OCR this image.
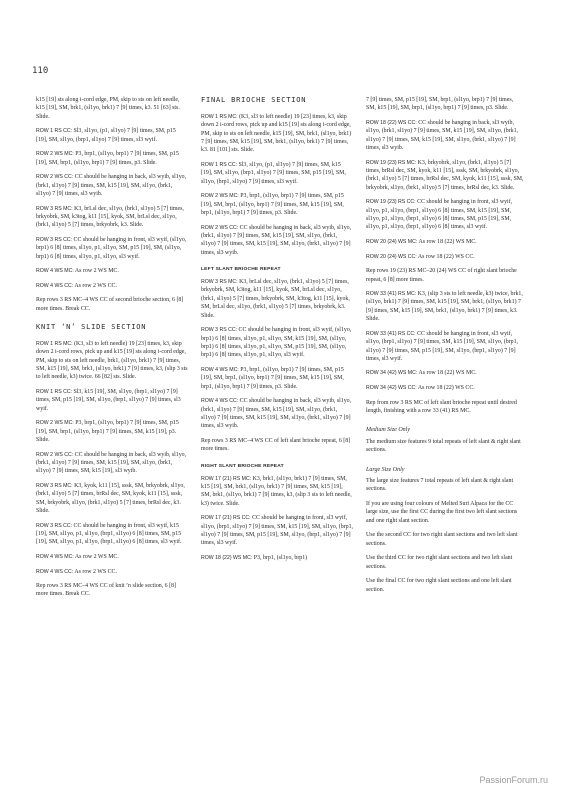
110

k15 [19] sts along i-cord edge, PM, skip to sts on left needle, k15 [19], SM, brk1, (sl1yo, brk1) 7 [9] times, k3. 51 [63] sts. Slide.

ROW 1 RS CC: Sl3, sl1yo, (p1, sl1yo) 7 [9] times, SM, p15 [19], SM, sl1yo, (brp1, sl1yo) 7 [9] times, sl3 wyif.

ROW 2 WS MC: P3, brp1, (sl1yo, brp1) 7 [9] times, SM, p15 [19], SM, brp1, (sl1yo, brp1) 7 [9] times, p3. Slide.

ROW 2 WS CC: CC should be hanging in back, sl3 wyib, sl1yo, (brk1, sl1yo) 7 [9] times, SM, k15 [19], SM, sl1yo, (brk1, sl1yo) 7 [9] times, sl3 wyib.

ROW 3 RS MC: K3, brLsl dec, sl1yo, (brk1, sl1yo) 5 [7] times, brkyobrk, SM, k3tog, k11 [15], kyok, SM, brLsl dec, sl1yo, (brk1, sl1yo) 5 [7] times, brkyobrk, k3. Slide.

ROW 3 RS CC: CC should be hanging in front, sl3 wyif, (sl1yo, brp1) 6 [8] times, sl1yo, p1, sl1yo, SM, p15 [19], SM, (sl1yo, brp1) 6 [8] times, sl1yo, p1, sl1yo, sl3 wyif.

ROW 4 WS MC: As row 2 WS MC.

ROW 4 WS CC: As row 2 WS CC.

Rep rows 3 RS MC–4 WS CC of second brioche section, 6 [8] more times. Break CC.

KNIT ‘N’ SLIDE SECTION

ROW 1 RS MC: (K3, sl3 to left needle) 19 [23] times, k3, skip down 2 i-cord rows, pick up and k15 [19] sts along i-cord edge, PM, skip to sts on left needle, brk1, (sl1yo, brk1) 7 [9] times, SM, k15 [19], SM, brk1, (sl1yo, brk1) 7 [9] times, k3, (slip 3 sts to left needle, k3) twice. 66 [82] sts. Slide.

ROW 1 RS CC: Sl3, k15 [19], SM, sl1yo, (brp1, sl1yo) 7 [9] times, SM, p15 [19], SM, sl1yo, (brp1, sl1yo) 7 [9] times, sl3 wyif.

ROW 2 WS MC: P3, brp1, (sl1yo, brp1) 7 [9] times, SM, p15 [19], SM, brp1, (sl1yo, brp1) 7 [9] times, SM, k15 [19], p3. Slide.

ROW 2 WS CC: CC should be hanging in back, sl3 wyib, sl1yo, (brk1, sl1yo) 7 [9] times, SM, k15 [19], SM, sl1yo, (brk1, sl1yo) 7 [9] times, SM, k15 [19], sl3 wyib.

ROW 3 RS MC: K3, kyok, k11 [15], sssk, SM, brkyobrk, sl1yo, (brk1, sl1yo) 5 [7] times, brRsl dec, SM, kyok, k11 [15], sssk, SM, brkyobrk, sl1yo, (brk1, sl1yo) 5 [7] times, brRsl dec, k3. Slide.

ROW 3 RS CC: CC should be hanging in front, sl3 wyif, k15 [19], SM, sl1yo, p1, sl1yo, (brp1, sl1yo) 6 [8] times, SM, p15 [19], SM, sl1yo, p1, sl1yo, (brp1, sl1yo) 6 [8] times, sl3 wyif.

ROW 4 WS MC: As row 2 WS MC.

ROW 4 WS CC: As row 2 WS CC.

Rep rows 3 RS MC–4 WS CC of knit ’n slide section, 6 [8] more times. Break CC.

FINAL BRIOCHE SECTION

ROW 1 RS MC: (K3, sl3 to left needle) 19 [23] times, k3, skip down 2 i-cord rows, pick up and k15 [19] sts along i-cord edge, PM, skip to sts on left needle, k15 [19], SM, brk1, (sl1yo, brk1) 7 [9] times, SM, k15 [19], SM, brk1, (sl1yo, brk1) 7 [9] times, k3. 81 [101] sts. Slide.

ROW 1 RS CC: Sl3, sl1yo, (p1, sl1yo) 7 [9] times, SM, k15 [19], SM, sl1yo, (brp1, sl1yo) 7 [9] times, SM, p15 [19], SM, sl1yo, (brp1, sl1yo) 7 [9] times, sl3 wyif.

ROW 2 WS MC: P3, brp1, (sl1yo, brp1) 7 [9] times, SM, p15 [19], SM, brp1, (sl1yo, brp1) 7 [9] times, SM, k15 [19], SM, brp1, (sl1yo, brp1) 7 [9] times, p3. Slide.

ROW 2 WS CC: CC should be hanging in back, sl3 wyib, sl1yo, (brk1, sl1yo) 7 [9] times, SM, k15 [19], SM, sl1yo, (brk1, sl1yo) 7 [9] times, SM, k15 [19], SM, sl1yo, (brk1, sl1yo) 7 [9] times, sl3 wyib.

LEFT SLANT BRIOCHE REPEAT

ROW 3 RS MC: K3, brLsl dec, sl1yo, (brk1, sl1yo) 5 [7] times, brkyobrk, SM, k3tog, k11 [15], kyok, SM, brLsl dec, sl1yo, (brk1, sl1yo) 5 [7] times, brkyobrk, SM, k3tog, k11 [15], kyok, SM, brLsl dec, sl1yo, (brk1, sl1yo) 5 [7] times, brkyobrk, k3. Slide.

ROW 3 RS CC: CC should be hanging in front, sl3 wyif, (sl1yo, brp1) 6 [8] times, sl1yo, p1, sl1yo, SM, k15 [19], SM, (sl1yo, brp1) 6 [8] times, sl1yo, p1, sl1yo, SM, p15 [19], SM, (sl1yo, brp1) 6 [8] times, sl1yo, p1, sl1yo, sl3 wyif.

ROW 4 WS MC: P3, brp1, (sl1yo, brp1) 7 [9] times, SM, p15 [19], SM, brp1, (sl1yo, brp1) 7 [9] times, SM, k15 [19], SM, brp1, (sl1yo, brp1) 7 [9] times, p3. Slide.

ROW 4 WS CC: CC should be hanging in back, sl3 wyib, sl1yo, (brk1, sl1yo) 7 [9] times, SM, k15 [19], SM, sl1yo, (brk1, sl1yo) 7 [9] times, SM, k15 [19], SM, sl1yo, (brk1, sl1yo) 7 [9] times, sl3 wyib.

Rep rows 3 RS MC–4 WS CC of left slant brioche repeat, 6 [8] more times.

RIGHT SLANT BRIOCHE REPEAT

ROW 17 (21) RS MC: K3, brk1, (sl1yo, brk1) 7 [9] times, SM, k15 [19], SM, brk1, (sl1yo, brk1) 7 [9] times, SM, k15 [19], SM, brk1, (sl1yo, brk1) 7 [9] times, k3, (slip 3 sts to left needle, k3) twice. Slide.

ROW 17 (21) RS CC: CC should be hanging in front, sl3 wyif, sl1yo, (brp1, sl1yo) 7 [9] times, SM, k15 [19], SM, sl1yo, (brp1, sl1yo) 7 [9] times, SM, p15 [19], SM, sl1yo, (brp1, sl1yo) 7 [9] times, sl3 wyif.

ROW 18 (22) WS MC: P3, brp1, (sl1yo, brp1)

7 [9] times, SM, p15 [19], SM, brp1, (sl1yo, brp1) 7 [9] times, SM, k15 [19], SM, brp1, (sl1yo, brp1) 7 [9] times, p3. Slide.

ROW 18 (22) WS CC: CC should be hanging in back, sl3 wyib, sl1yo, (brk1, sl1yo) 7 [9] times, SM, k15 [19], SM, sl1yo, (brk1, sl1yo) 7 [9] times, SM, k15 [19], SM, sl1yo, (brk1, sl1yo) 7 [9] times, sl3 wyib.

ROW 19 (23) RS MC: K3, brkyobrk, sl1yo, (brk1, sl1yo) 5 [7] times, brRsl dec, SM, kyok, k11 [15], sssk, SM, brkyobrk, sl1yo, (brk1, sl1yo) 5 [7] times, brRsl dec, SM, kyok, k11 [15], sssk, SM, brkyobrk, sl1yo, (brk1, sl1yo) 5 [7] times, brRsl dec, k3. Slide.

ROW 19 (23) RS CC: CC should be hanging in front, sl3 wyif, sl1yo, p1, sl1yo, (brp1, sl1yo) 6 [8] times, SM, k15 [19], SM, sl1yo, p1, sl1yo, (brp1, sl1yo) 6 [8] times, SM, p15 [19], SM, sl1yo, p1, sl1yo, (brp1, sl1yo) 6 [8] times, sl3 wyif.

ROW 20 (24) WS MC: As row 18 (22) WS MC.

ROW 20 (24) WS CC: As row 18 (22) WS CC.

Rep rows 19 (23) RS MC–20 (24) WS CC of right slant brioche repeat, 6 [8] more times.

ROW 33 (41) RS MC: K3, (slip 3 sts to left needle, k3) twice, brk1, (sl1yo, brk1) 7 [9] times, SM, k15 [19], SM, brk1, (sl1yo, brk1) 7 [9] times, SM, k15 [19], SM, brk1, (sl1yo, brk1) 7 [9] times, k3. Slide.

ROW 33 (41) RS CC: CC should be hanging in front, sl3 wyif, sl1yo, (brp1, sl1yo) 7 [9] times, SM, k15 [19], SM, sl1yo, (brp1, sl1yo) 7 [9] times, SM, p15 [19], SM, sl1yo, (brp1, sl1yo) 7 [9] times, sl3 wyif.

ROW 34 (42) WS MC: As row 18 (22) WS MC.

ROW 34 (42) WS CC: As row 18 (22) WS CC.

Rep from row 3 RS MC of left slant brioche repeat until desired length, finishing with a row 33 (41) RS MC.

Medium Size Only

The medium size features 9 total repeats of left slant & right slant sections.

Large Size Only

The large size features 7 total repeats of left slant & right slant sections.

If you are using four colours of Melted Suri Alpaca for the CC large size, use the first CC during the first two left slant sections and one right slant section.

Use the second CC for two right slant sections and two left slant sections.

Use the third CC for two right slant sections and two left slant sections.

Use the final CC for two right slant sections and one left slant section.

PassionForum.ru
